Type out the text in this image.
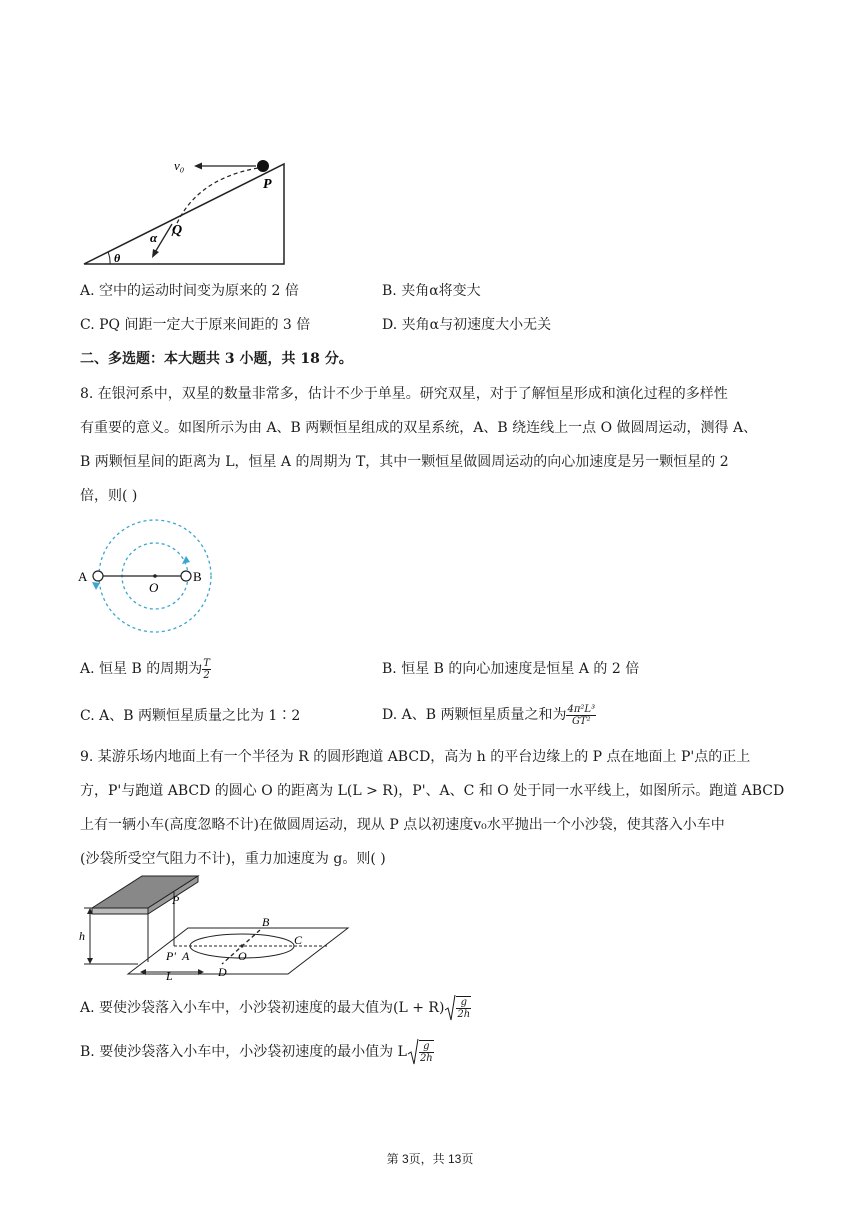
v₀
P
Q
α
θ
A. 空中的运动时间变为原来的 2 倍	B. 夹角α将变大
C. PQ 间距一定大于原来间距的 3 倍	D. 夹角α与初速度大小无关
二、多选题：本大题共 3 小题，共 18 分。
8. 在银河系中，双星的数量非常多，估计不少于单星。研究双星，对于了解恒星形成和演化过程的多样性
有重要的意义。如图所示为由 A、B 两颗恒星组成的双星系统，A、B 绕连线上一点 O 做圆周运动，测得 A、
B 两颗恒星间的距离为 L，恒星 A 的周期为 T，其中一颗恒星做圆周运动的向心加速度是另一颗恒星的 2
倍，则( )
A	B
O
A. 恒星 B 的周期为 $\frac{T}{2}$	B. 恒星 B 的向心加速度是恒星 A 的 2 倍
C. A、B 两颗恒星质量之比为 1∶2	D. A、B 两颗恒星质量之和为 $\frac{\text{4π²L³}}{\text{GT²}}$
9. 某游乐场内地面上有一个半径为 R 的圆形跑道 ABCD，高为 h 的平台边缘上的 P 点在地面上 P'点的正上
方，P'与跑道 ABCD 的圆心 O 的距离为 L(L > R)，P'、A、C 和 O 处于同一水平线上，如图所示。跑道 ABCD
上有一辆小车(高度忽略不计)在做圆周运动，现从 P 点以初速度v₀水平抛出一个小沙袋，使其落入小车中
(沙袋所受空气阻力不计)，重力加速度为 g。则( )
P
h
B
C
P' A	O
L	D
A. 要使沙袋落入小车中，小沙袋初速度的最大值为$(L + R) \frac{g}{2h}$
B. 要使沙袋落入小车中，小沙袋初速度的最小值为 L $\frac{g}{2h}$
第 3页，共 13页
